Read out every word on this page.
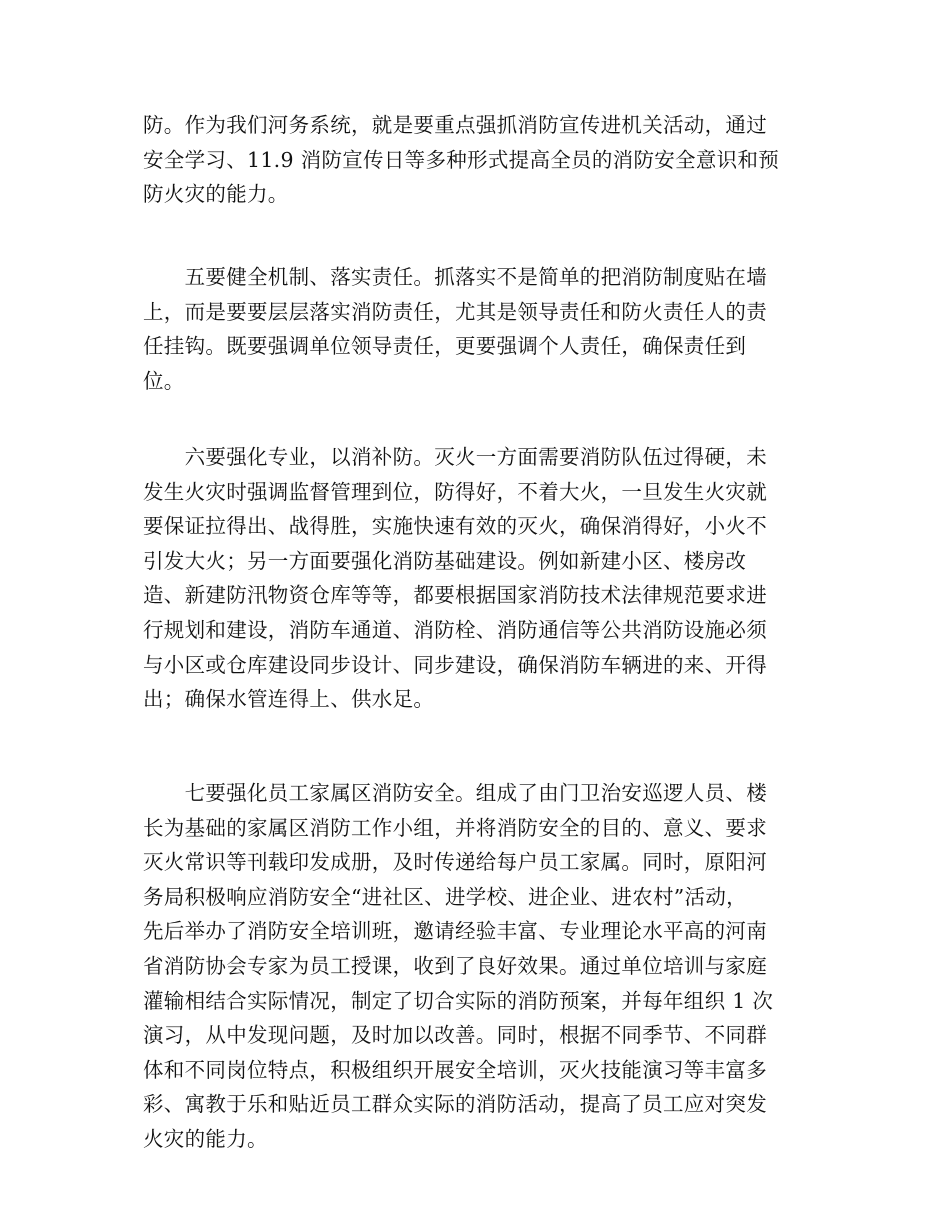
防。作为我们河务系统，就是要重点强抓消防宣传进机关活动，通过
安全学习、11.9 消防宣传日等多种形式提高全员的消防安全意识和预
防火灾的能力。

　　五要健全机制、落实责任。抓落实不是简单的把消防制度贴在墙
上，而是要要层层落实消防责任，尤其是领导责任和防火责任人的责
任挂钩。既要强调单位领导责任，更要强调个人责任，确保责任到
位。

　　六要强化专业，以消补防。灭火一方面需要消防队伍过得硬，未
发生火灾时强调监督管理到位，防得好，不着大火，一旦发生火灾就
要保证拉得出、战得胜，实施快速有效的灭火，确保消得好，小火不
引发大火；另一方面要强化消防基础建设。例如新建小区、楼房改
造、新建防汛物资仓库等等，都要根据国家消防技术法律规范要求进
行规划和建设，消防车通道、消防栓、消防通信等公共消防设施必须
与小区或仓库建设同步设计、同步建设，确保消防车辆进的来、开得
出；确保水管连得上、供水足。

　　七要强化员工家属区消防安全。组成了由门卫治安巡逻人员、楼
长为基础的家属区消防工作小组，并将消防安全的目的、意义、要求
灭火常识等刊载印发成册，及时传递给每户员工家属。同时，原阳河
务局积极响应消防安全“进社区、进学校、进企业、进农村”活动，
先后举办了消防安全培训班，邀请经验丰富、专业理论水平高的河南
省消防协会专家为员工授课，收到了良好效果。通过单位培训与家庭
灌输相结合实际情况，制定了切合实际的消防预案，并每年组织 1 次
演习，从中发现问题，及时加以改善。同时，根据不同季节、不同群
体和不同岗位特点，积极组织开展安全培训，灭火技能演习等丰富多
彩、寓教于乐和贴近员工群众实际的消防活动，提高了员工应对突发
火灾的能力。
